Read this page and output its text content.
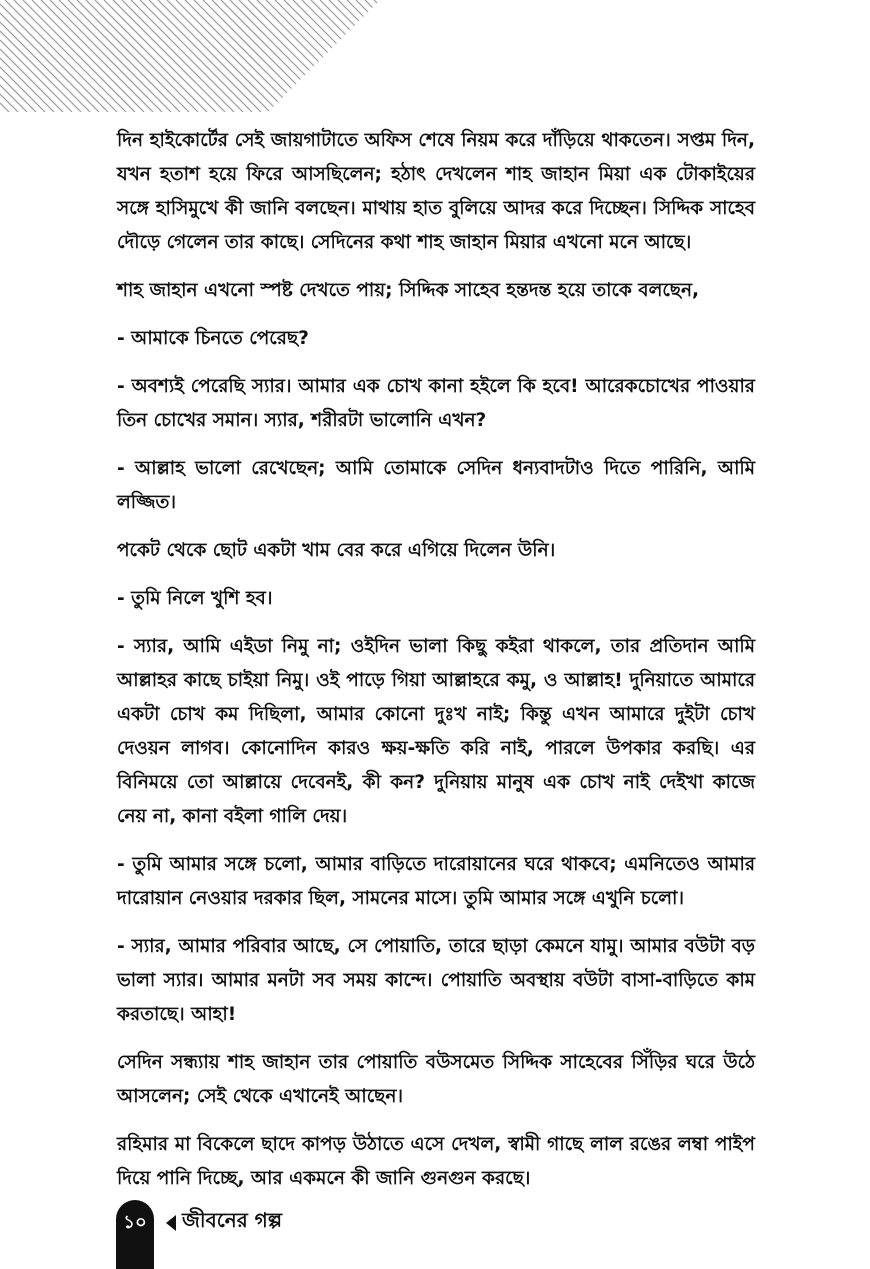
দিন হাইকোর্টের সেই জায়গাটাতে অফিস শেষে নিয়ম করে দাঁড়িয়ে থাকতেন। সপ্তম দিন, যখন হতাশ হয়ে ফিরে আসছিলেন; হঠাৎ দেখলেন শাহ জাহান মিয়া এক টোকাইয়ের সঙ্গে হাসিমুখে কী জানি বলছেন। মাথায় হাত বুলিয়ে আদর করে দিচ্ছেন। সিদ্দিক সাহেব দৌড়ে গেলেন তার কাছে। সেদিনের কথা শাহ জাহান মিয়ার এখনো মনে আছে।

শাহ জাহান এখনো স্পষ্ট দেখতে পায়; সিদ্দিক সাহেব হন্তদন্ত হয়ে তাকে বলছেন,

- আমাকে চিনতে পেরেছ?

- অবশ্যই পেরেছি স্যার। আমার এক চোখ কানা হইলে কি হবে! আরেকচোখের পাওয়ার তিন চোখের সমান। স্যার, শরীরটা ভালোনি এখন?

- আল্লাহ ভালো রেখেছেন; আমি তোমাকে সেদিন ধন্যবাদটাও দিতে পারিনি, আমি লজ্জিত।

পকেট থেকে ছোট একটা খাম বের করে এগিয়ে দিলেন উনি।

- তুমি নিলে খুশি হব।

- স্যার, আমি এইডা নিমু না; ওইদিন ভালা কিছু কইরা থাকলে, তার প্রতিদান আমি আল্লাহর কাছে চাইয়া নিমু। ওই পাড়ে গিয়া আল্লাহরে কমু, ও আল্লাহ! দুনিয়াতে আমারে একটা চোখ কম দিছিলা, আমার কোনো দুঃখ নাই; কিন্তু এখন আমারে দুইটা চোখ দেওয়ন লাগব। কোনোদিন কারও ক্ষয়-ক্ষতি করি নাই, পারলে উপকার করছি। এর বিনিময়ে তো আল্লায়ে দেবেনই, কী কন? দুনিয়ায় মানুষ এক চোখ নাই দেইখা কাজে নেয় না, কানা বইলা গালি দেয়।

- তুমি আমার সঙ্গে চলো, আমার বাড়িতে দারোয়ানের ঘরে থাকবে; এমনিতেও আমার দারোয়ান নেওয়ার দরকার ছিল, সামনের মাসে। তুমি আমার সঙ্গে এখুনি চলো।

- স্যার, আমার পরিবার আছে, সে পোয়াতি, তারে ছাড়া কেমনে যামু। আমার বউটা বড় ভালা স্যার। আমার মনটা সব সময় কান্দে। পোয়াতি অবস্থায় বউটা বাসা-বাড়িতে কাম করতাছে। আহা!

সেদিন সন্ধ্যায় শাহ জাহান তার পোয়াতি বউসমেত সিদ্দিক সাহেবের সিঁড়ির ঘরে উঠে আসলেন; সেই থেকে এখানেই আছেন।

রহিমার মা বিকেলে ছাদে কাপড় উঠাতে এসে দেখল, স্বামী গাছে লাল রঙের লম্বা পাইপ দিয়ে পানি দিচ্ছে, আর একমনে কী জানি গুনগুন করছে।

১০	জীবনের গল্প
